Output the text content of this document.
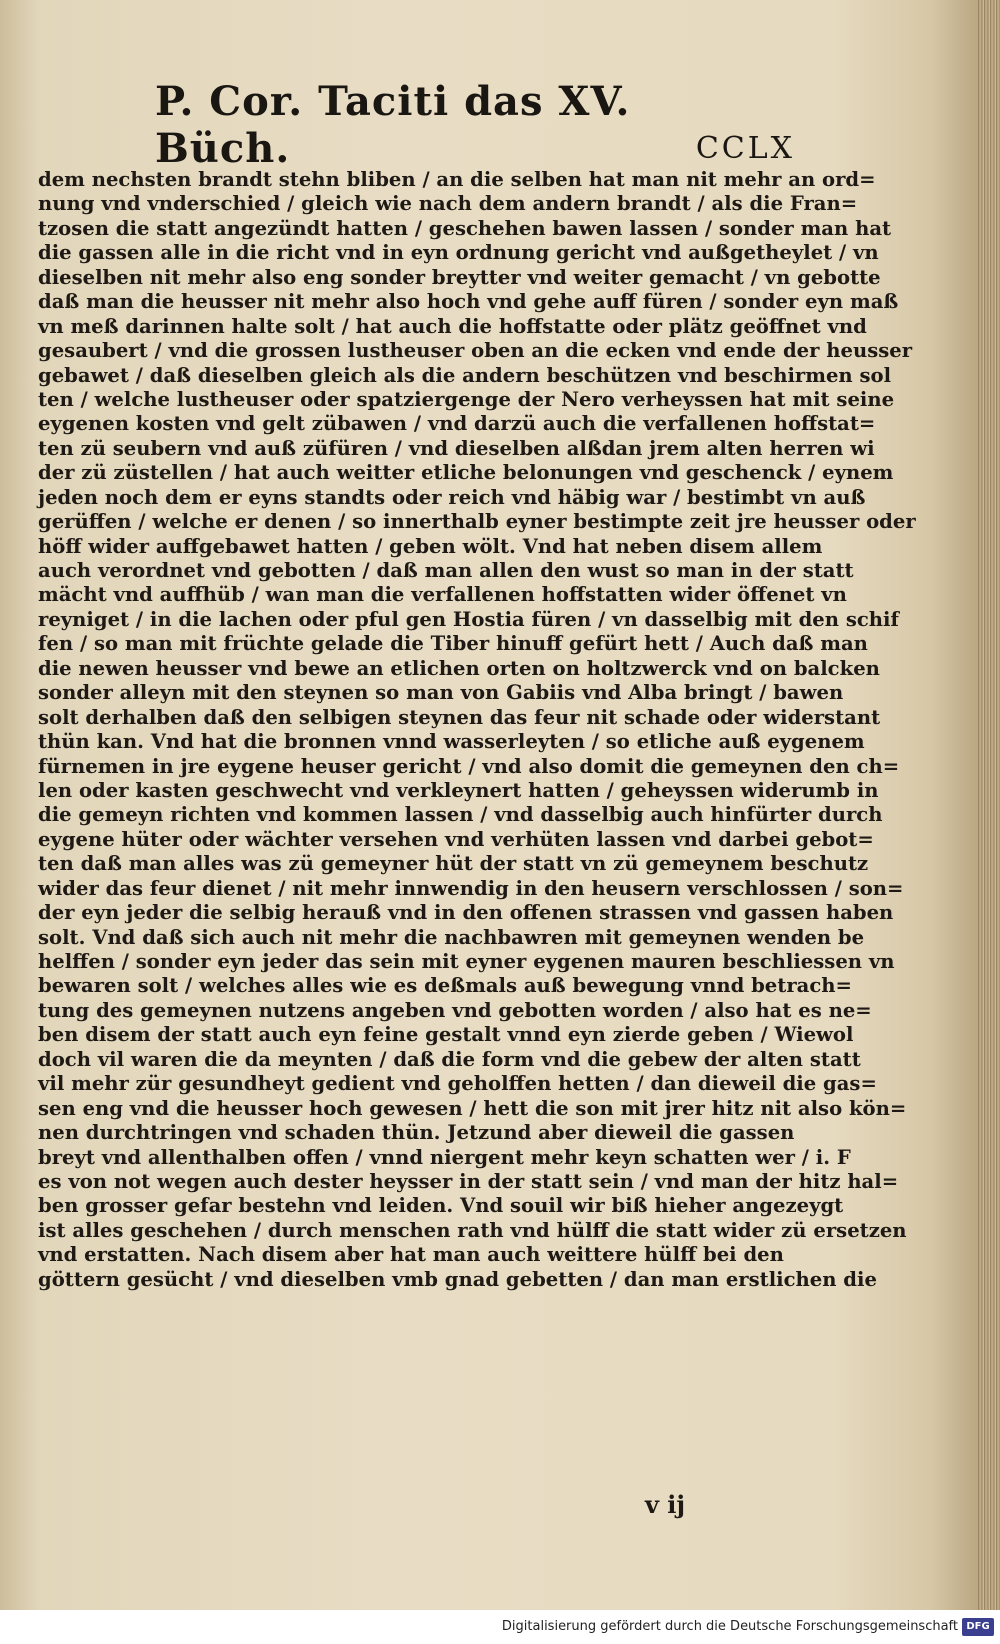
P. Cor. Taciti das XV. Büch.	CCLX
dem nechsten brandt stehn bliben / an die selben hat man nit mehr an ord=
nung vnd vnderschied / gleich wie nach dem andern brandt / als die Fran=
tzosen die statt angezündt hatten / geschehen bawen lassen / sonder man hat
die gassen alle in die richt vnd in eyn ordnung gericht vnd außgetheylet / vn
dieselben nit mehr also eng sonder breytter vnd weiter gemacht / vn gebotte
daß man die heusser nit mehr also hoch vnd gehe auff füren / sonder eyn maß
vn meß darinnen halte solt / hat auch die hoffstatte oder plätz geöffnet vnd
gesaubert / vnd die grossen lustheuser oben an die ecken vnd ende der heusser
gebawet / daß dieselben gleich als die andern beschützen vnd beschirmen sol
ten / welche lustheuser oder spatziergenge der Nero verheyssen hat mit seine
eygenen kosten vnd gelt zübawen / vnd darzü auch die verfallenen hoffstat=
ten zü seubern vnd auß züfüren / vnd dieselben alßdan jrem alten herren wi
der zü züstellen / hat auch weitter etliche belonungen vnd geschenck / eynem
jeden noch dem er eyns standts oder reich vnd häbig war / bestimbt vn auß
gerüffen / welche er denen / so innerthalb eyner bestimpte zeit jre heusser oder
höff wider auffgebawet hatten / geben wölt. Vnd hat neben disem allem
auch verordnet vnd gebotten / daß man allen den wust so man in der statt
mächt vnd auffhüb / wan man die verfallenen hoffstatten wider öffenet vn
reyniget / in die lachen oder pful gen Hostia füren / vn dasselbig mit den schif
fen / so man mit früchte gelade die Tiber hinuff gefürt hett / Auch daß man
die newen heusser vnd bewe an etlichen orten on holtzwerck vnd on balcken
sonder alleyn mit den steynen so man von Gabiis vnd Alba bringt / bawen
solt derhalben daß den selbigen steynen das feur nit schade oder widerstant
thün kan. Vnd hat die bronnen vnnd wasserleyten / so etliche auß eygenem
fürnemen in jre eygene heuser gericht / vnd also domit die gemeynen den ch=
len oder kasten geschwecht vnd verkleynert hatten / geheyssen widerumb in
die gemeyn richten vnd kommen lassen / vnd dasselbig auch hinfürter durch
eygene hüter oder wächter versehen vnd verhüten lassen vnd darbei gebot=
ten daß man alles was zü gemeyner hüt der statt vn zü gemeynem beschutz
wider das feur dienet / nit mehr innwendig in den heusern verschlossen / son=
der eyn jeder die selbig herauß vnd in den offenen strassen vnd gassen haben
solt. Vnd daß sich auch nit mehr die nachbawren mit gemeynen wenden be
helffen / sonder eyn jeder das sein mit eyner eygenen mauren beschliessen vn
bewaren solt / welches alles wie es deßmals auß bewegung vnnd betrach=
tung des gemeynen nutzens angeben vnd gebotten worden / also hat es ne=
ben disem der statt auch eyn feine gestalt vnnd eyn zierde geben / Wiewol
doch vil waren die da meynten / daß die form vnd die gebew der alten statt
vil mehr zür gesundheyt gedient vnd geholffen hetten / dan dieweil die gas=
sen eng vnd die heusser hoch gewesen / hett die son mit jrer hitz nit also kön=
nen durchtringen vnd schaden thün. Jetzund aber dieweil die gassen
breyt vnd allenthalben offen / vnnd niergent mehr keyn schatten wer / i. F
es von not wegen auch dester heysser in der statt sein / vnd man der hitz hal=
ben grosser gefar bestehn vnd leiden. Vnd souil wir biß hieher angezeygt
ist alles geschehen / durch menschen rath vnd hülff die statt wider zü ersetzen
vnd erstatten. Nach disem aber hat man auch weittere hülff bei den
göttern gesücht / vnd dieselben vmb gnad gebetten / dan man erstlichen die
v ij
Digitalisierung gefördert durch die Deutsche Forschungsgemeinschaft DFG
